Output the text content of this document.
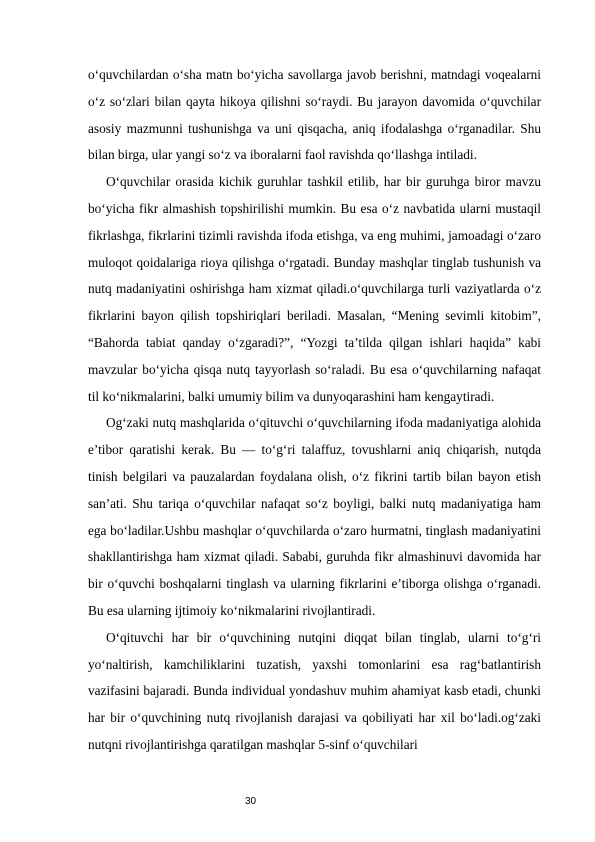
o‘quvchilardan o‘sha matn bo‘yicha savollarga javob berishni, matndagi voqealarni o‘z so‘zlari bilan qayta hikoya qilishni so‘raydi. Bu jarayon davomida o‘quvchilar asosiy mazmunni tushunishga va uni qisqacha, aniq ifodalashga o‘rganadilar. Shu bilan birga, ular yangi so‘z va iboralarni faol ravishda qo‘llashga intiladi.

O‘quvchilar orasida kichik guruhlar tashkil etilib, har bir guruhga biror mavzu bo‘yicha fikr almashish topshirilishi mumkin. Bu esa o‘z navbatida ularni mustaqil fikrlashga, fikrlarini tizimli ravishda ifoda etishga, va eng muhimi, jamoadagi o‘zaro muloqot qoidalariga rioya qilishga o‘rgatadi. Bunday mashqlar tinglab tushunish va nutq madaniyatini oshirishga ham xizmat qiladi.o‘quvchilarga turli vaziyatlarda o‘z fikrlarini bayon qilish topshiriqlari beriladi. Masalan, “Mening sevimli kitobim”, “Bahorda tabiat qanday o‘zgaradi?”, “Yozgi ta’tilda qilgan ishlari haqida” kabi mavzular bo‘yicha qisqa nutq tayyorlash so‘raladi. Bu esa o‘quvchilarning nafaqat til ko‘nikmalarini, balki umumiy bilim va dunyoqarashini ham kengaytiradi.

Og‘zaki nutq mashqlarida o‘qituvchi o‘quvchilarning ifoda madaniyatiga alohida e’tibor qaratishi kerak. Bu — to‘g‘ri talaffuz, tovushlarni aniq chiqarish, nutqda tinish belgilari va pauzalardan foydalana olish, o‘z fikrini tartib bilan bayon etish san’ati. Shu tariqa o‘quvchilar nafaqat so‘z boyligi, balki nutq madaniyatiga ham ega bo‘ladilar.Ushbu mashqlar o‘quvchilarda o‘zaro hurmatni, tinglash madaniyatini shakllantirishga ham xizmat qiladi. Sababi, guruhda fikr almashinuvi davomida har bir o‘quvchi boshqalarni tinglash va ularning fikrlarini e’tiborga olishga o‘rganadi. Bu esa ularning ijtimoiy ko‘nikmalarini rivojlantiradi.

O‘qituvchi har bir o‘quvchining nutqini diqqat bilan tinglab, ularni to‘g‘ri yo‘naltirish, kamchiliklarini tuzatish, yaxshi tomonlarini esa rag‘batlantirish vazifasini bajaradi. Bunda individual yondashuv muhim ahamiyat kasb etadi, chunki har bir o‘quvchining nutq rivojlanish darajasi va qobiliyati har xil bo‘ladi.og‘zaki nutqni rivojlantirishga qaratilgan mashqlar 5-sinf o‘quvchilari

30
